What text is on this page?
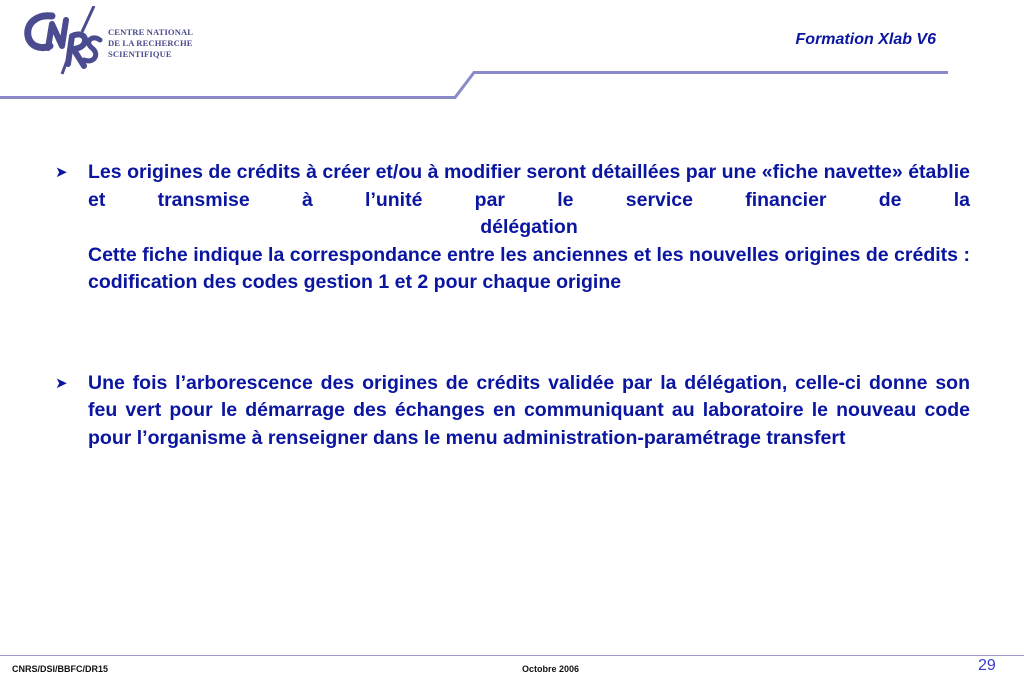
CENTRE NATIONAL
DE LA RECHERCHE
SCIENTIFIQUE
Formation Xlab V6
➤ Les origines de crédits à créer et/ou à modifier seront détaillées par une «fiche navette» établie et transmise à l’unité par le service financier de la
délégation
Cette fiche indique la correspondance entre les anciennes et les nouvelles origines de crédits : codification des codes gestion 1 et 2 pour chaque origine
➤ Une fois l’arborescence des origines de crédits validée par la délégation, celle-ci donne son feu vert pour le démarrage des échanges en communiquant au laboratoire le nouveau code pour l’organisme à renseigner dans le menu administration-paramétrage transfert
CNRS/DSI/BBFC/DR15	Octobre 2006	29
